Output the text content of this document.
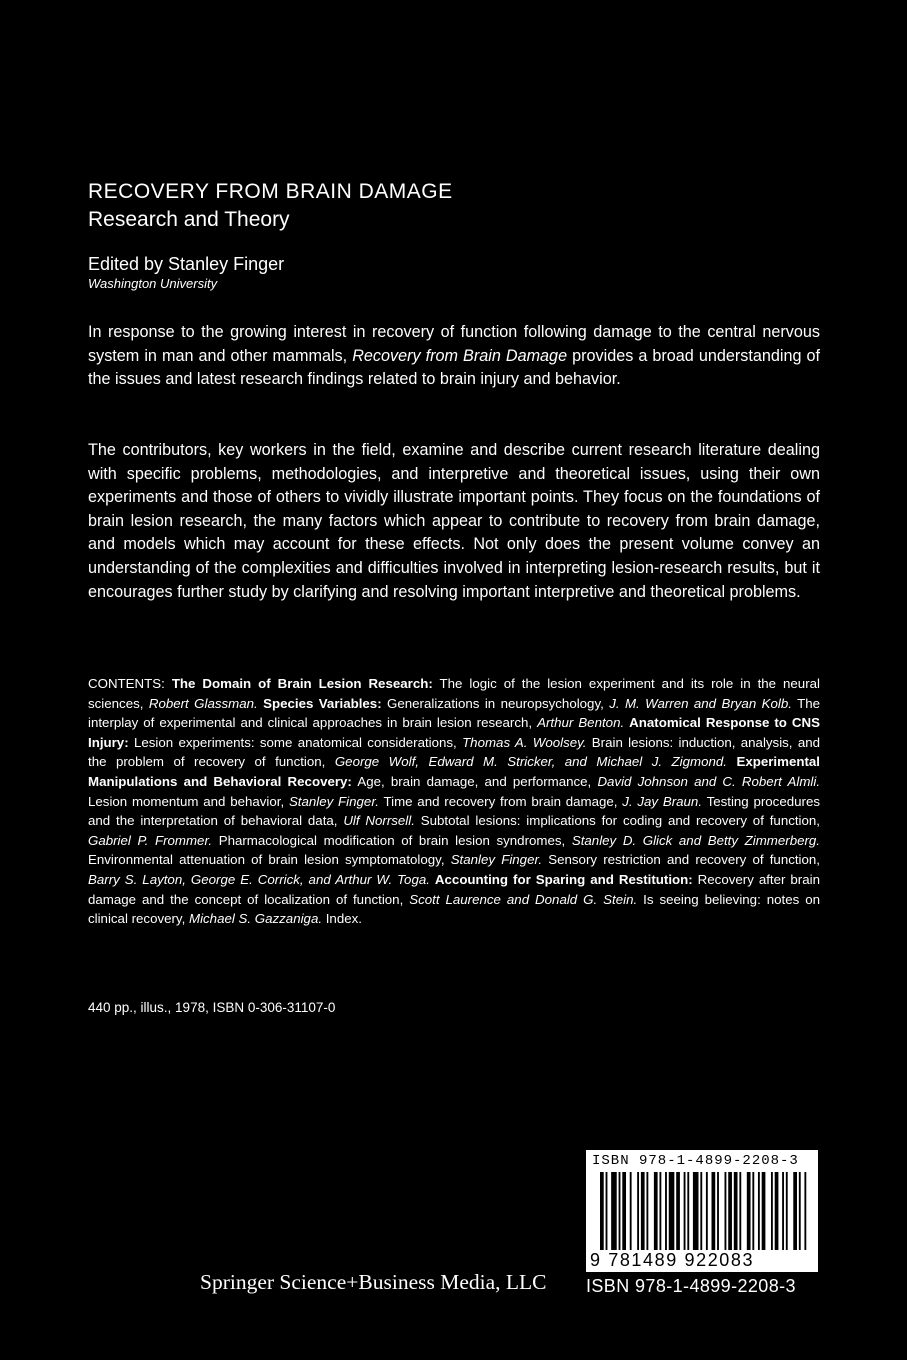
RECOVERY FROM BRAIN DAMAGE
Research and Theory
Edited by Stanley Finger
Washington University

In response to the growing interest in recovery of function following damage to the central nervous system in man and other mammals, Recovery from Brain Damage provides a broad understanding of the issues and latest research findings related to brain injury and behavior.

The contributors, key workers in the field, examine and describe current research literature dealing with specific problems, methodologies, and interpretive and theoretical issues, using their own experiments and those of others to vividly illustrate important points. They focus on the foundations of brain lesion research, the many factors which appear to contribute to recovery from brain damage, and models which may account for these effects. Not only does the present volume convey an understanding of the complexities and difficulties involved in interpreting lesion-research results, but it encourages further study by clarifying and resolving important interpretive and theoretical problems.

CONTENTS: The Domain of Brain Lesion Research: The logic of the lesion experiment and its role in the neural sciences, Robert Glassman. Species Variables: Generalizations in neuropsychology, J. M. Warren and Bryan Kolb. The interplay of experimental and clinical approaches in brain lesion research, Arthur Benton. Anatomical Response to CNS Injury: Lesion experiments: some anatomical considerations, Thomas A. Woolsey. Brain lesions: induction, analysis, and the problem of recovery of function, George Wolf, Edward M. Stricker, and Michael J. Zigmond. Experimental Manipulations and Behavioral Recovery: Age, brain damage, and performance, David Johnson and C. Robert Almli. Lesion momentum and behavior, Stanley Finger. Time and recovery from brain damage, J. Jay Braun. Testing procedures and the interpretation of behavioral data, Ulf Norrsell. Subtotal lesions: implications for coding and recovery of function, Gabriel P. Frommer. Pharmacological modification of brain lesion syndromes, Stanley D. Glick and Betty Zimmerberg. Environmental attenuation of brain lesion symptomatology, Stanley Finger. Sensory restriction and recovery of function, Barry S. Layton, George E. Corrick, and Arthur W. Toga. Accounting for Sparing and Restitution: Recovery after brain damage and the concept of localization of function, Scott Laurence and Donald G. Stein. Is seeing believing: notes on clinical recovery, Michael S. Gazzaniga. Index.

440 pp., illus., 1978, ISBN 0-306-31107-0
Springer Science+Business Media, LLC
ISBN 978-1-4899-2208-3
9 781489 922083
ISBN 978-1-4899-2208-3
